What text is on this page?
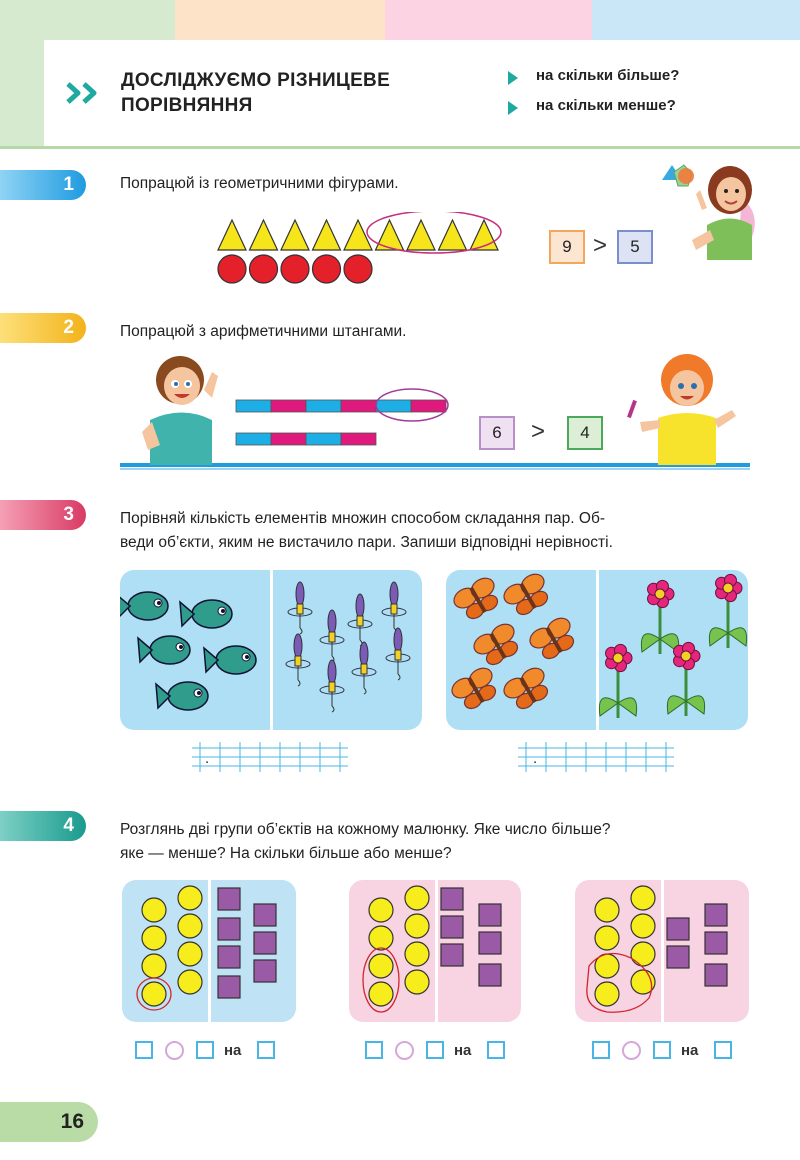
ДОСЛІДЖУЄМО РІЗНИЦЕВЕ
ПОРІВНЯННЯ
на скільки більше?
на скільки менше?
1	Попрацюй із геометричними фігурами.
9 >	5
2	Попрацюй з арифметичними штангами.
6	>	4
3	Порівняй кількість елементів множин способом складання пар. Об-
веди об’єкти, яким не вистачило пари. Запиши відповідні нерівності.
.	.
4	Розглянь дві групи об’єктів на кожному малюнку. Яке число більше?
яке — менше? На скільки більше або менше?
на	на	на
16
